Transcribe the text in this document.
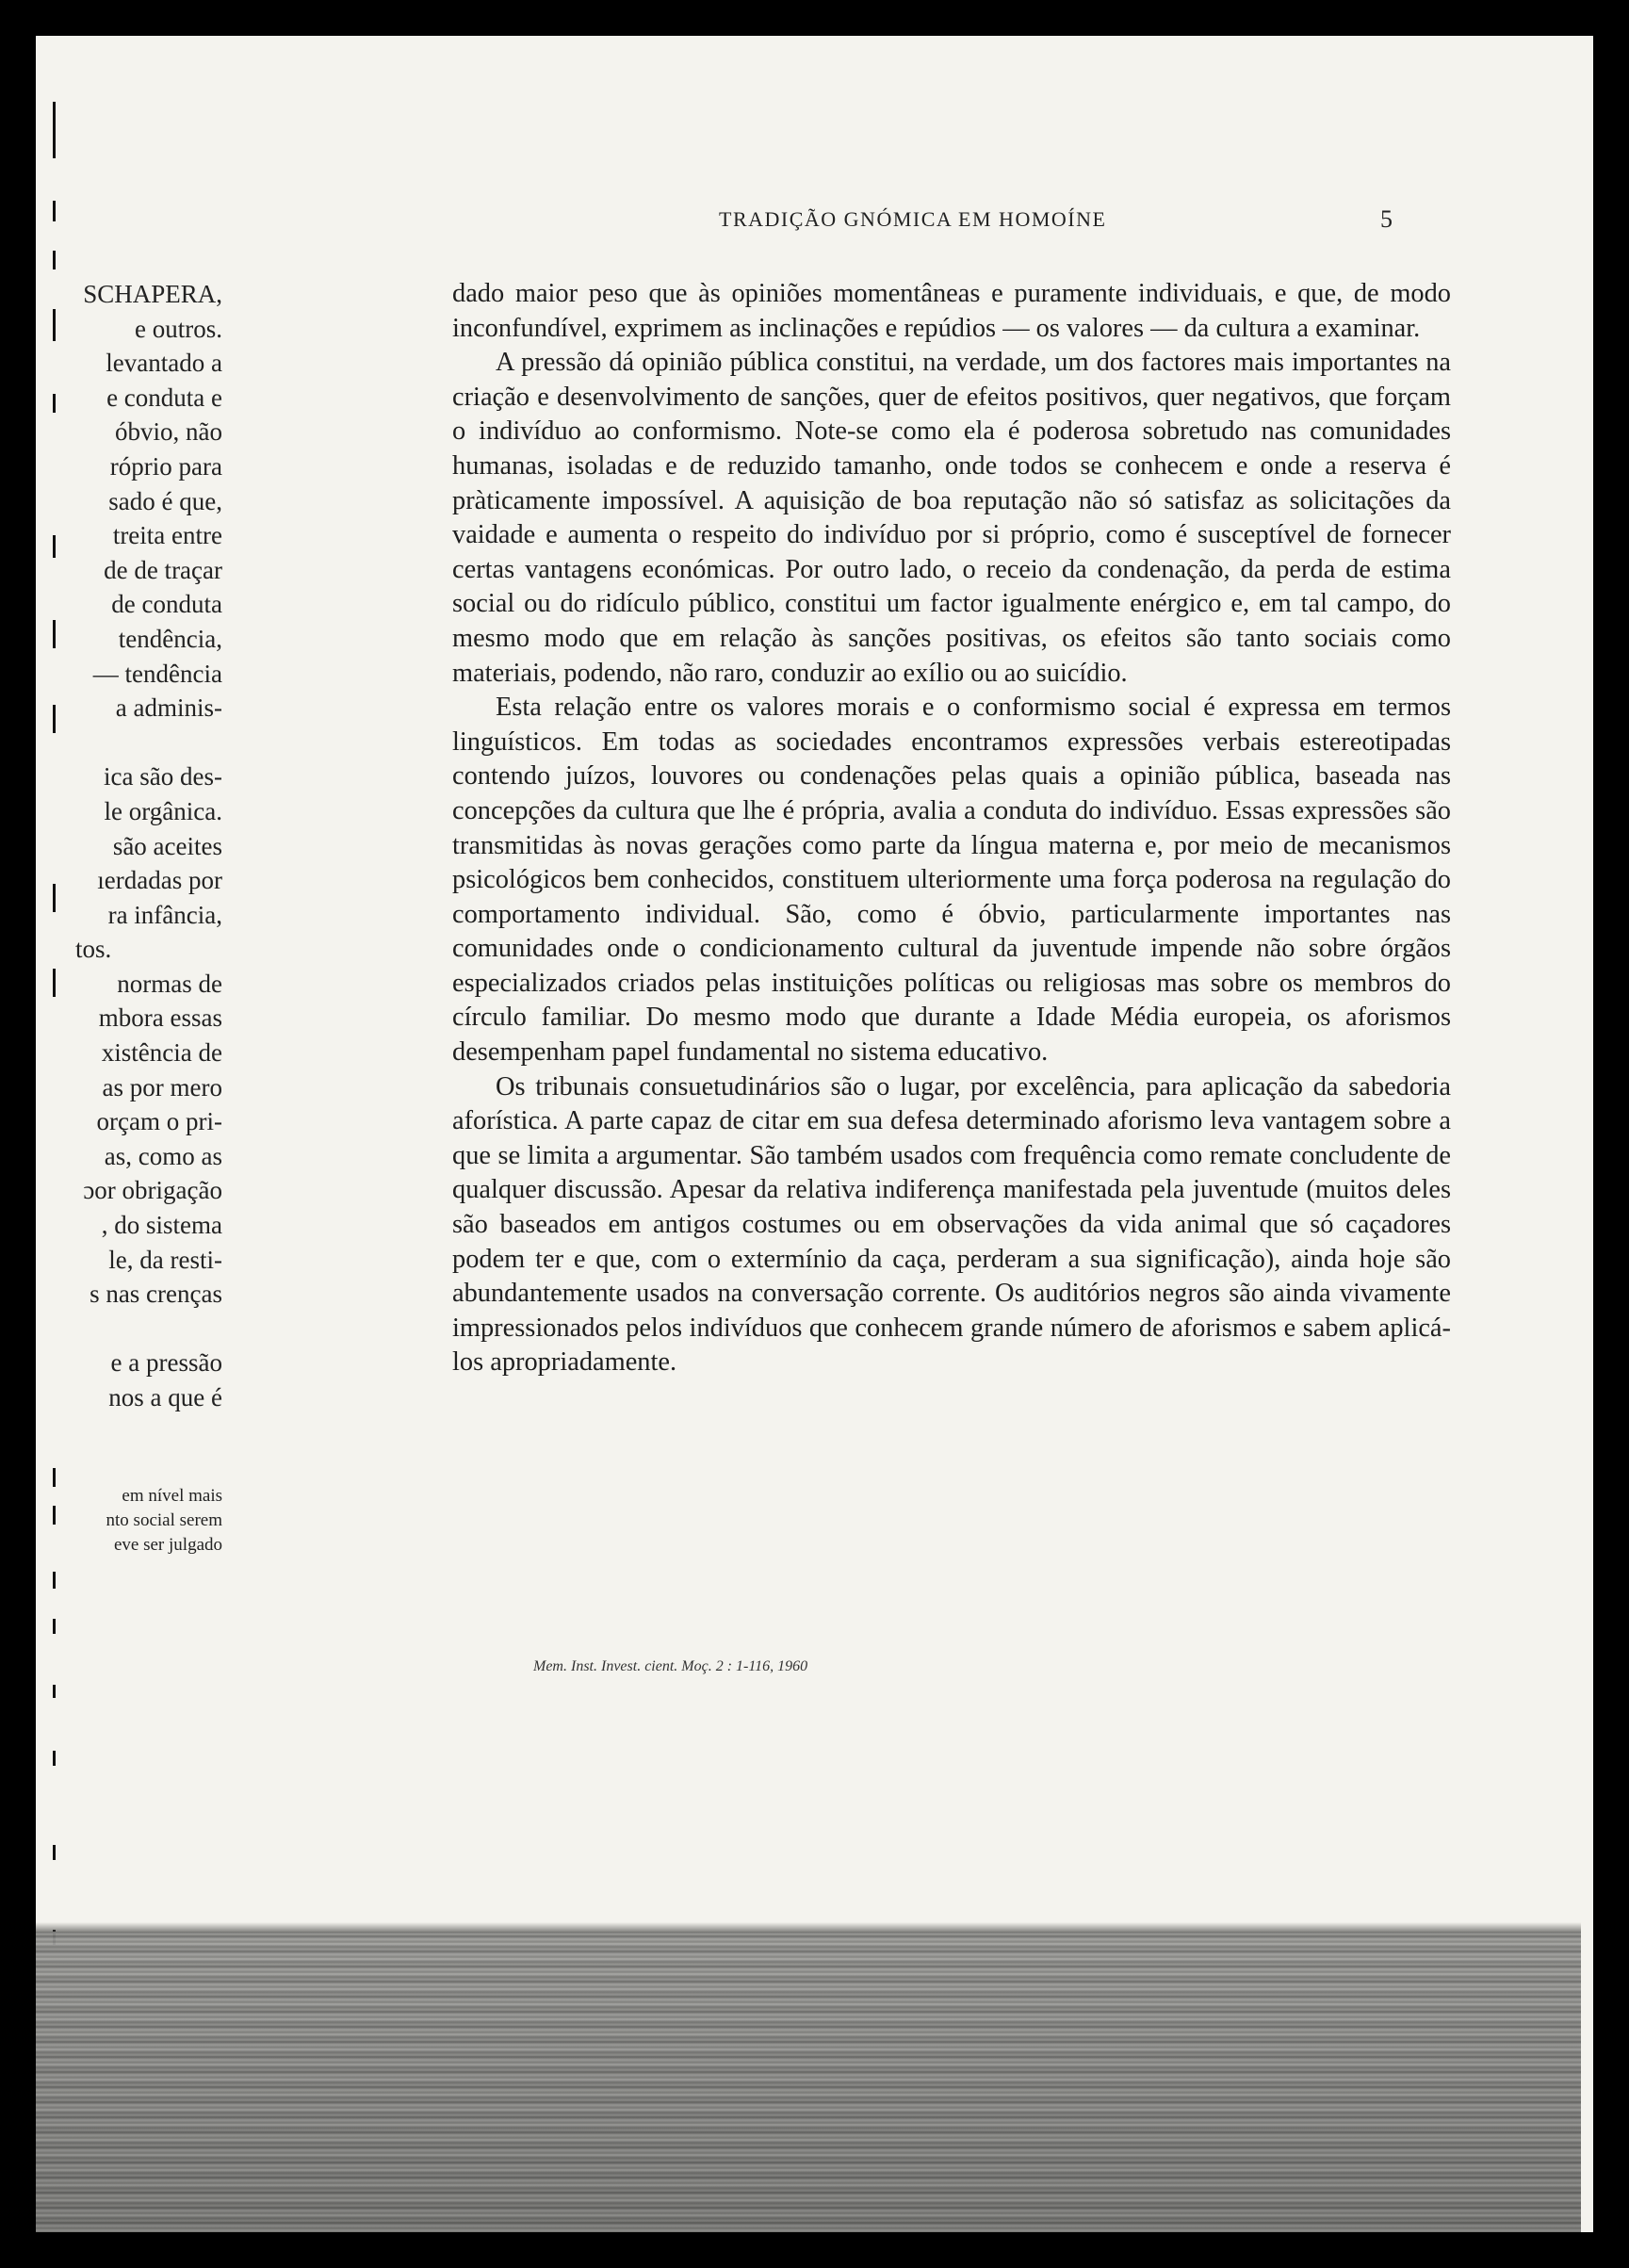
SCHAPERA,
e outros.
levantado a
e conduta e
óbvio, não
róprio para
sado é que,
treita entre
de de traçar
de conduta
tendência,
— tendência
a adminis-
ica são des-
le orgânica.
são aceites
ıerdadas por
ra infância,
tos.
normas de
mbora essas
xistência de
as por mero
orçam o pri-
as, como as
ɔor obrigação
, do sistema
le, da resti-
s nas crenças
e a pressão
nos a que é
em nível mais
nto social serem
eve ser julgado
TRADIÇÃO GNÓMICA EM HOMOÍNE	5

dado maior peso que às opiniões momentâneas e puramente individuais, e que, de modo inconfundível, exprimem as inclinações e repúdios — os valores — da cultura a examinar.

A pressão dá opinião pública constitui, na verdade, um dos factores mais importantes na criação e desenvolvimento de sanções, quer de efeitos positivos, quer negativos, que forçam o indivíduo ao conformismo. Note-se como ela é poderosa sobretudo nas comunidades humanas, isoladas e de reduzido tamanho, onde todos se conhecem e onde a reserva é pràticamente impossível. A aquisição de boa reputação não só satisfaz as solicitações da vaidade e aumenta o respeito do indivíduo por si próprio, como é susceptível de fornecer certas vantagens económicas. Por outro lado, o receio da condenação, da perda de estima social ou do ridículo público, constitui um factor igualmente enérgico e, em tal campo, do mesmo modo que em relação às sanções positivas, os efeitos são tanto sociais como materiais, podendo, não raro, conduzir ao exílio ou ao suicídio.

Esta relação entre os valores morais e o conformismo social é expressa em termos linguísticos. Em todas as sociedades encontramos expressões verbais estereotipadas contendo juízos, louvores ou condenações pelas quais a opinião pública, baseada nas concepções da cultura que lhe é própria, avalia a conduta do indivíduo. Essas expressões são transmitidas às novas gerações como parte da língua materna e, por meio de mecanismos psicológicos bem conhecidos, constituem ulteriormente uma força poderosa na regulação do comportamento individual. São, como é óbvio, particularmente importantes nas comunidades onde o condicionamento cultural da juventude impende não sobre órgãos especializados criados pelas instituições políticas ou religiosas mas sobre os membros do círculo familiar. Do mesmo modo que durante a Idade Média europeia, os aforismos desempenham papel fundamental no sistema educativo.

Os tribunais consuetudinários são o lugar, por excelência, para aplicação da sabedoria aforística. A parte capaz de citar em sua defesa determinado aforismo leva vantagem sobre a que se limita a argumentar. São também usados com frequência como remate concludente de qualquer discussão. Apesar da relativa indiferença manifestada pela juventude (muitos deles são baseados em antigos costumes ou em observações da vida animal que só caçadores podem ter e que, com o extermínio da caça, perderam a sua significação), ainda hoje são abundantemente usados na conversação corrente. Os auditórios negros são ainda vivamente impressionados pelos indivíduos que conhecem grande número de aforismos e sabem aplicá-los apropriadamente.

Mem. Inst. Invest. cient. Moç. 2 : 1-116, 1960
